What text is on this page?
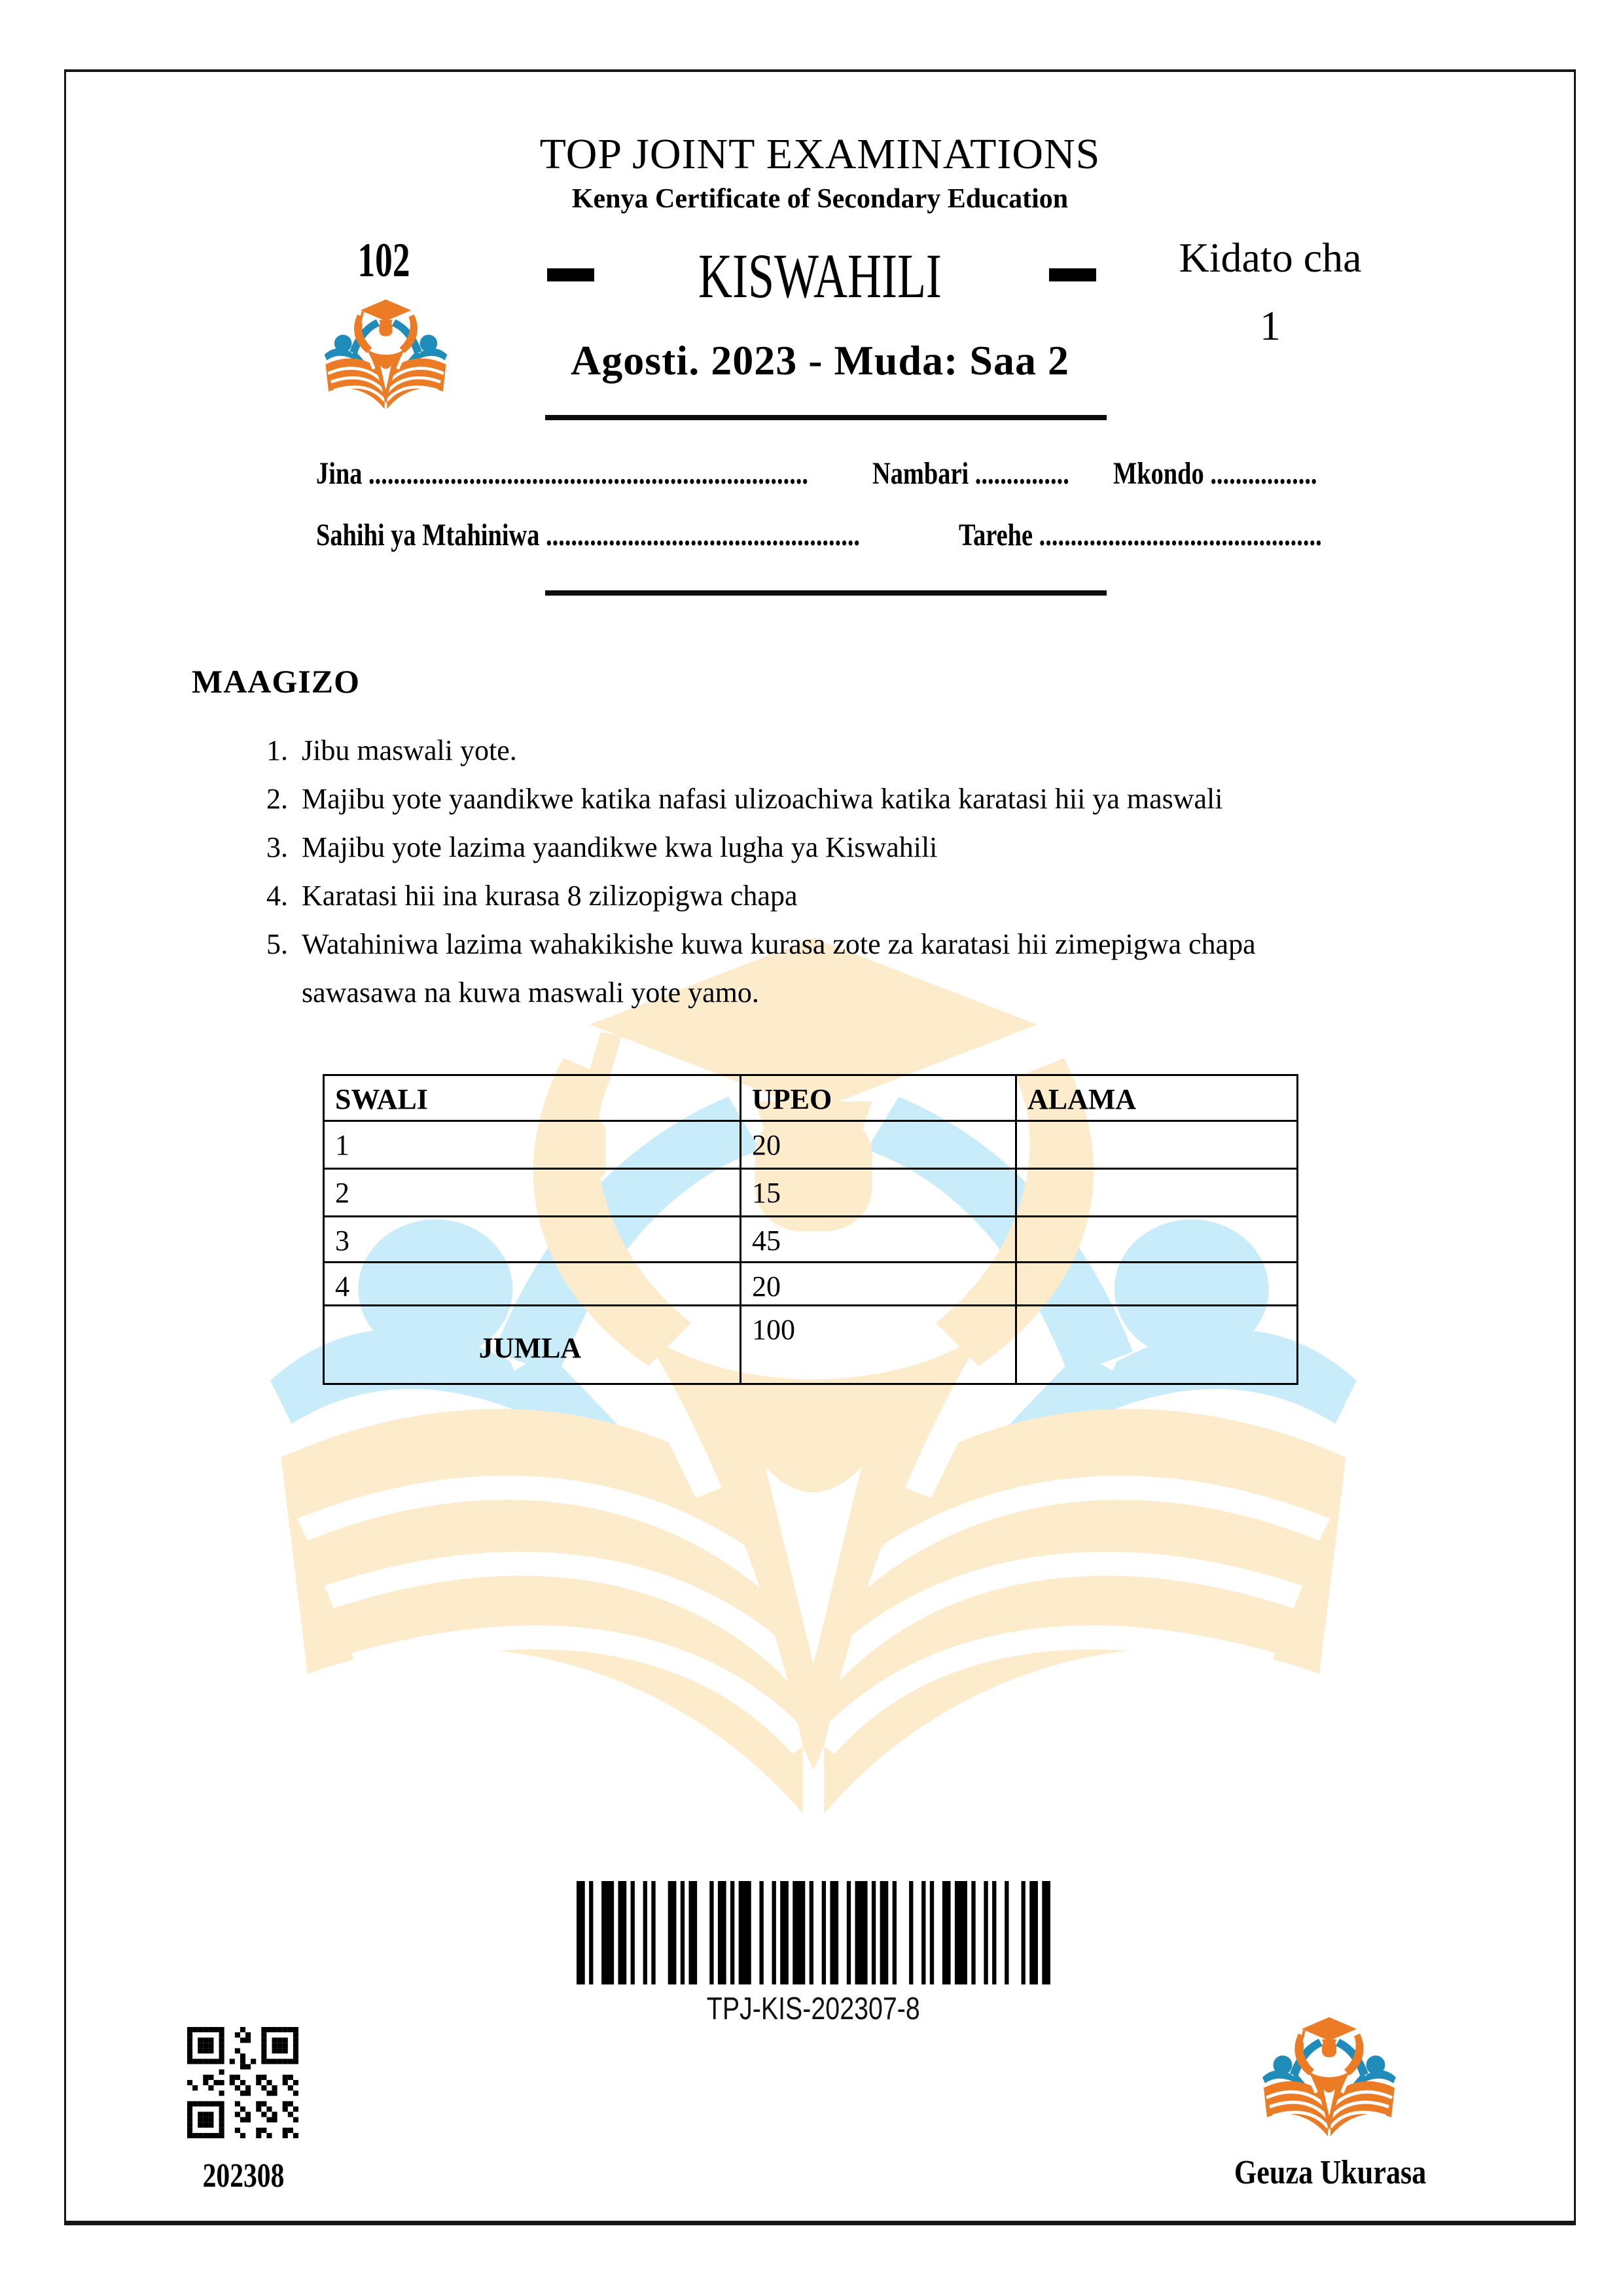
TOP JOINT EXAMINATIONS
Kenya Certificate of Secondary Education
102	KISWAHILI	Kidato cha
1
Agosti. 2023 - Muda: Saa 2
Jina ......................................................................	Nambari ...............	Mkondo .................
Sahihi ya Mtahiniwa ..................................................	Tarehe .............................................
MAAGIZO
1. Jibu maswali yote.
2. Majibu yote yaandikwe katika nafasi ulizoachiwa katika karatasi hii ya maswali
3. Majibu yote lazima yaandikwe kwa lugha ya Kiswahili
4. Karatasi hii ina kurasa 8 zilizopigwa chapa
5. Watahiniwa lazima wahakikishe kuwa kurasa zote za karatasi hii zimepigwa chapa sawasawa na kuwa maswali yote yamo.
SWALI	UPEO	ALAMA
1	20	
2	15	
3	45	
4	20	
JUMLA	100	
TPJ-KIS-202307-8
202308	Geuza Ukurasa
